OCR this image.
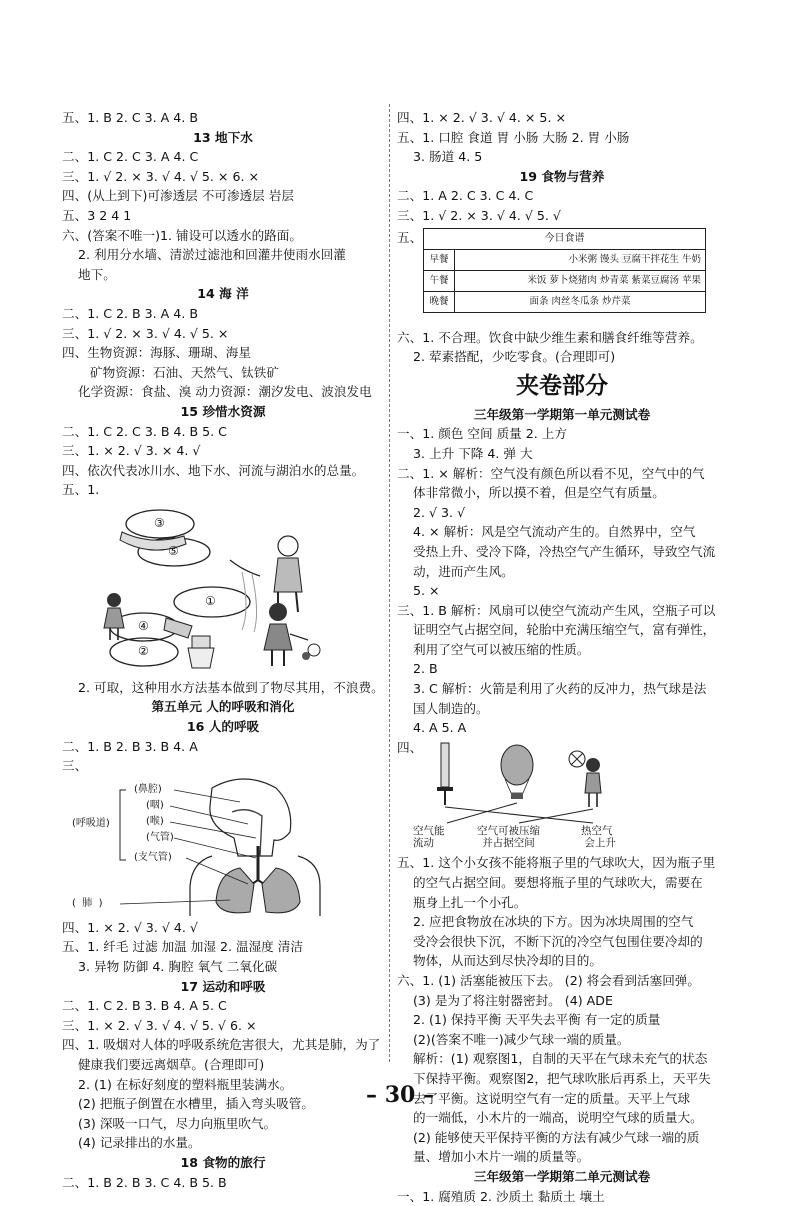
五、1. B 2. C 3. A 4. B
13 地下水
二、1. C 2. C 3. A 4. C
三、1. √ 2. × 3. √ 4. √ 5. × 6. ×
四、(从上到下)可渗透层 不可渗透层 岩层
五、3 2 4 1
六、(答案不唯一)1. 铺设可以透水的路面。
2. 利用分水墙、清淤过滤池和回灌井使雨水回灌
地下。
14 海 洋
二、1. C 2. B 3. A 4. B
三、1. √ 2. × 3. √ 4. √ 5. ×
四、生物资源：海豚、珊瑚、海星
矿物资源：石油、天然气、钛铁矿
化学资源：食盐、溴 动力资源：潮汐发电、波浪发电
15 珍惜水资源
二、1. C 2. C 3. B 4. B 5. C
三、1. × 2. √ 3. × 4. √
四、依次代表冰川水、地下水、河流与湖泊水的总量。
五、1.
③
⑤
①
④
②
2. 可取，这种用水方法基本做到了物尽其用，不浪费。
第五单元 人的呼吸和消化
16 人的呼吸
二、1. B 2. B 3. B 4. A
三、
(鼻腔)
(咽)
(喉)
(气管)
(支气管)
(呼吸道)
(  肺  )
四、1. × 2. √ 3. √ 4. √
五、1. 纤毛 过滤 加温 加湿 2. 温湿度 清洁
3. 异物 防御 4. 胸腔 氧气 二氧化碳
17 运动和呼吸
二、1. C 2. B 3. B 4. A 5. C
三、1. × 2. √ 3. √ 4. √ 5. √ 6. ×
四、1. 吸烟对人体的呼吸系统危害很大，尤其是肺，为了
健康我们要远离烟草。(合理即可)
2. (1) 在标好刻度的塑料瓶里装满水。
(2) 把瓶子倒置在水槽里，插入弯头吸管。
(3) 深吸一口气，尽力向瓶里吹气。
(4) 记录排出的水量。
18 食物的旅行
二、1. B 2. B 3. C 4. B 5. B
四、1. × 2. √ 3. √ 4. × 5. ×
五、1. 口腔 食道 胃 小肠 大肠 2. 胃 小肠
3. 肠道 4. 5
19 食物与营养
二、1. A 2. C 3. C 4. C
三、1. √ 2. × 3. √ 4. √ 5. √
五、	今日食谱	
早餐	小米粥 馒头 豆腐干拌花生 牛奶
午餐	米饭 萝卜烧猪肉 炒青菜 紫菜豆腐汤 苹果
晚餐	面条 肉丝冬瓜条 炒芹菜
六、1. 不合理。饮食中缺少维生素和膳食纤维等营养。
2. 荤素搭配，少吃零食。(合理即可)
夹卷部分
三年级第一学期第一单元测试卷
一、1. 颜色 空间 质量 2. 上方
3. 上升 下降 4. 弹 大
二、1. × 解析：空气没有颜色所以看不见，空气中的气
体非常微小，所以摸不着，但是空气有质量。
2. √ 3. √
4. × 解析：风是空气流动产生的。自然界中，空气
受热上升、受冷下降，冷热空气产生循环，导致空气流
动，进而产生风。
5. ×
三、1. B 解析：风扇可以使空气流动产生风，空瓶子可以
证明空气占据空间，轮胎中充满压缩空气，富有弹性，
利用了空气可以被压缩的性质。
2. B
3. C 解析：火箭是利用了火药的反冲力，热气球是法
国人制造的。
4. A 5. A
四、
空气能
流动
空气可被压缩
并占据空间
热空气
会上升
五、1. 这个小女孩不能将瓶子里的气球吹大，因为瓶子里
的空气占据空间。要想将瓶子里的气球吹大，需要在
瓶身上扎一个小孔。
2. 应把食物放在冰块的下方。因为冰块周围的空气
受冷会很快下沉，不断下沉的冷空气包围住要冷却的
物体，从而达到尽快冷却的目的。
六、1. (1) 活塞能被压下去。 (2) 将会看到活塞回弹。
(3) 是为了将注射器密封。 (4) ADE
2. (1) 保持平衡 天平失去平衡 有一定的质量
(2)(答案不唯一)减少气球一端的质量。
解析：(1) 观察图1，自制的天平在气球未充气的状态
下保持平衡。观察图2，把气球吹胀后再系上，天平失
去了平衡。这说明空气有一定的质量。天平上气球
的一端低，小木片的一端高，说明空气球的质量大。
(2) 能够使天平保持平衡的方法有减少气球一端的质
量、增加小木片一端的质量等。
三年级第一学期第二单元测试卷
一、1. 腐殖质 2. 沙质土 黏质土 壤土
– 30 –
